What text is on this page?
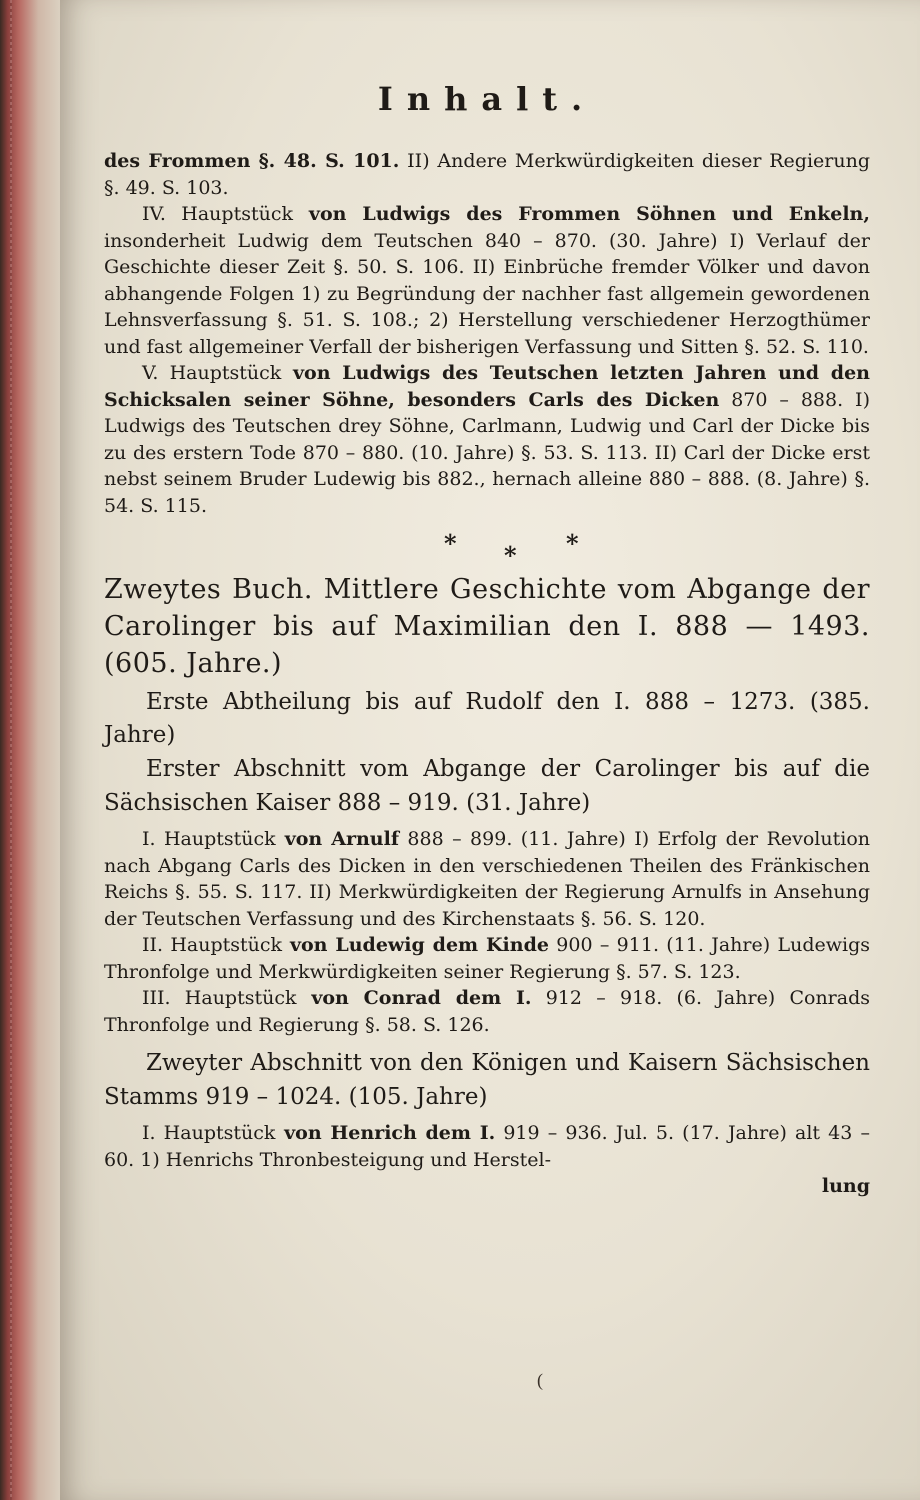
Inhalt.

des Frommen §. 48. S. 101. II) Andere Merkwürdigkeiten dieser Regierung §. 49. S. 103.

IV. Hauptstück von Ludwigs des Frommen Söhnen und Enkeln, insonderheit Ludwig dem Teutschen 840 – 870. (30. Jahre) I) Verlauf der Geschichte dieser Zeit §. 50. S. 106. II) Einbrüche fremder Völker und davon abhangende Folgen 1) zu Begründung der nachher fast allgemein gewordenen Lehnsverfassung §. 51. S. 108.; 2) Herstellung verschiedener Herzogthümer und fast allgemeiner Verfall der bisherigen Verfassung und Sitten §. 52. S. 110.

V. Hauptstück von Ludwigs des Teutschen letzten Jahren und den Schicksalen seiner Söhne, besonders Carls des Dicken 870 – 888. I) Ludwigs des Teutschen drey Söhne, Carlmann, Ludwig und Carl der Dicke bis zu des erstern Tode 870 – 880. (10. Jahre) §. 53. S. 113. II) Carl der Dicke erst nebst seinem Bruder Ludewig bis 882., hernach alleine 880 – 888. (8. Jahre) §. 54. S. 115.

* * *

Zweytes Buch. Mittlere Geschichte vom Abgange der Carolinger bis auf Maximilian den I. 888 — 1493. (605. Jahre.)

Erste Abtheilung bis auf Rudolf den I. 888 – 1273. (385. Jahre)

Erster Abschnitt vom Abgange der Carolinger bis auf die Sächsischen Kaiser 888 – 919. (31. Jahre)

I. Hauptstück von Arnulf 888 – 899. (11. Jahre) I) Erfolg der Revolution nach Abgang Carls des Dicken in den verschiedenen Theilen des Fränkischen Reichs §. 55. S. 117. II) Merkwürdigkeiten der Regierung Arnulfs in Ansehung der Teutschen Verfassung und des Kirchenstaats §. 56. S. 120.

II. Hauptstück von Ludewig dem Kinde 900 – 911. (11. Jahre) Ludewigs Thronfolge und Merkwürdigkeiten seiner Regierung §. 57. S. 123.

III. Hauptstück von Conrad dem I. 912 – 918. (6. Jahre) Conrads Thronfolge und Regierung §. 58. S. 126.

Zweyter Abschnitt von den Königen und Kaisern Sächsischen Stamms 919 – 1024. (105. Jahre)

I. Hauptstück von Henrich dem I. 919 – 936. Jul. 5. (17. Jahre) alt 43 – 60. 1) Henrichs Thronbesteigung und Herstel-

lung

(
